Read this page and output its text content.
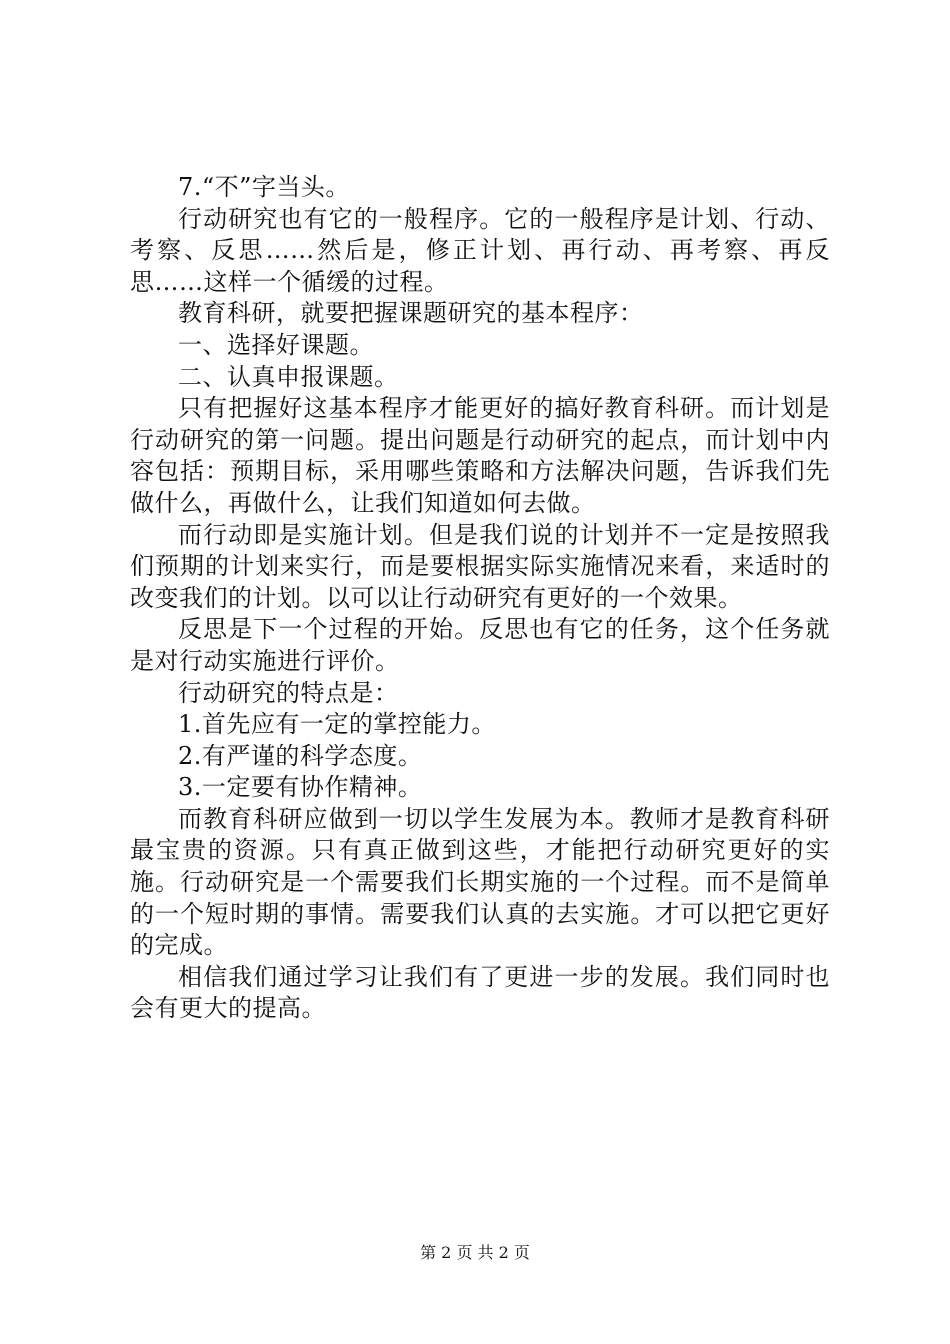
7.“不”字当头。

行动研究也有它的一般程序。它的一般程序是计划、行动、考察、反思……然后是，修正计划、再行动、再考察、再反思……这样一个循缓的过程。

教育科研，就要把握课题研究的基本程序：

一、选择好课题。

二、认真申报课题。

只有把握好这基本程序才能更好的搞好教育科研。而计划是行动研究的第一问题。提出问题是行动研究的起点，而计划中内容包括：预期目标，采用哪些策略和方法解决问题，告诉我们先做什么，再做什么，让我们知道如何去做。

而行动即是实施计划。但是我们说的计划并不一定是按照我们预期的计划来实行，而是要根据实际实施情况来看，来适时的改变我们的计划。以可以让行动研究有更好的一个效果。

反思是下一个过程的开始。反思也有它的任务，这个任务就是对行动实施进行评价。

行动研究的特点是：

1.首先应有一定的掌控能力。

2.有严谨的科学态度。

3.一定要有协作精神。

而教育科研应做到一切以学生发展为本。教师才是教育科研最宝贵的资源。只有真正做到这些，才能把行动研究更好的实施。行动研究是一个需要我们长期实施的一个过程。而不是简单的一个短时期的事情。需要我们认真的去实施。才可以把它更好的完成。

相信我们通过学习让我们有了更进一步的发展。我们同时也会有更大的提高。

第 2 页 共 2 页
